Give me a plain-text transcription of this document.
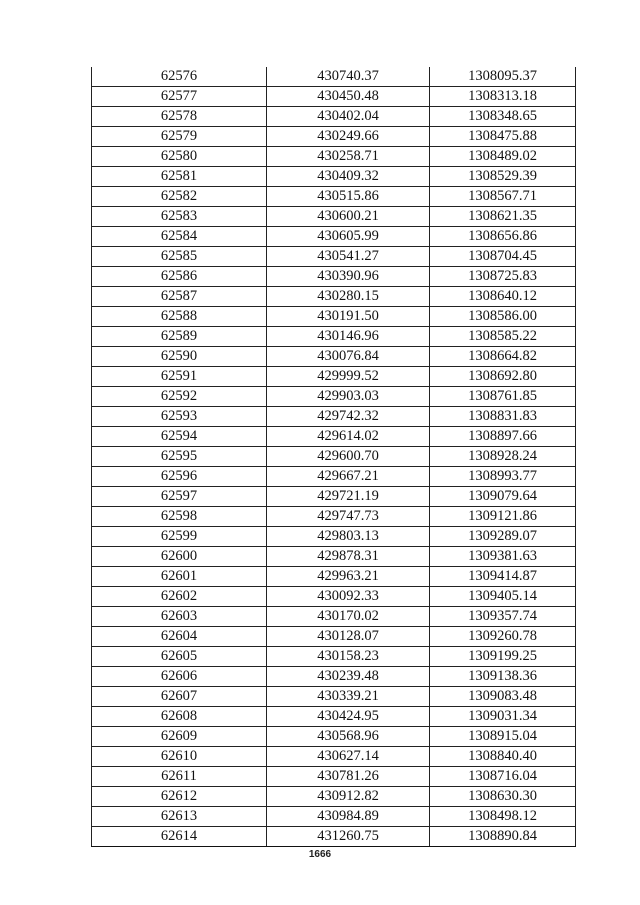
62576	430740.37	1308095.37
62577	430450.48	1308313.18
62578	430402.04	1308348.65
62579	430249.66	1308475.88
62580	430258.71	1308489.02
62581	430409.32	1308529.39
62582	430515.86	1308567.71
62583	430600.21	1308621.35
62584	430605.99	1308656.86
62585	430541.27	1308704.45
62586	430390.96	1308725.83
62587	430280.15	1308640.12
62588	430191.50	1308586.00
62589	430146.96	1308585.22
62590	430076.84	1308664.82
62591	429999.52	1308692.80
62592	429903.03	1308761.85
62593	429742.32	1308831.83
62594	429614.02	1308897.66
62595	429600.70	1308928.24
62596	429667.21	1308993.77
62597	429721.19	1309079.64
62598	429747.73	1309121.86
62599	429803.13	1309289.07
62600	429878.31	1309381.63
62601	429963.21	1309414.87
62602	430092.33	1309405.14
62603	430170.02	1309357.74
62604	430128.07	1309260.78
62605	430158.23	1309199.25
62606	430239.48	1309138.36
62607	430339.21	1309083.48
62608	430424.95	1309031.34
62609	430568.96	1308915.04
62610	430627.14	1308840.40
62611	430781.26	1308716.04
62612	430912.82	1308630.30
62613	430984.89	1308498.12
62614	431260.75	1308890.84
1666
